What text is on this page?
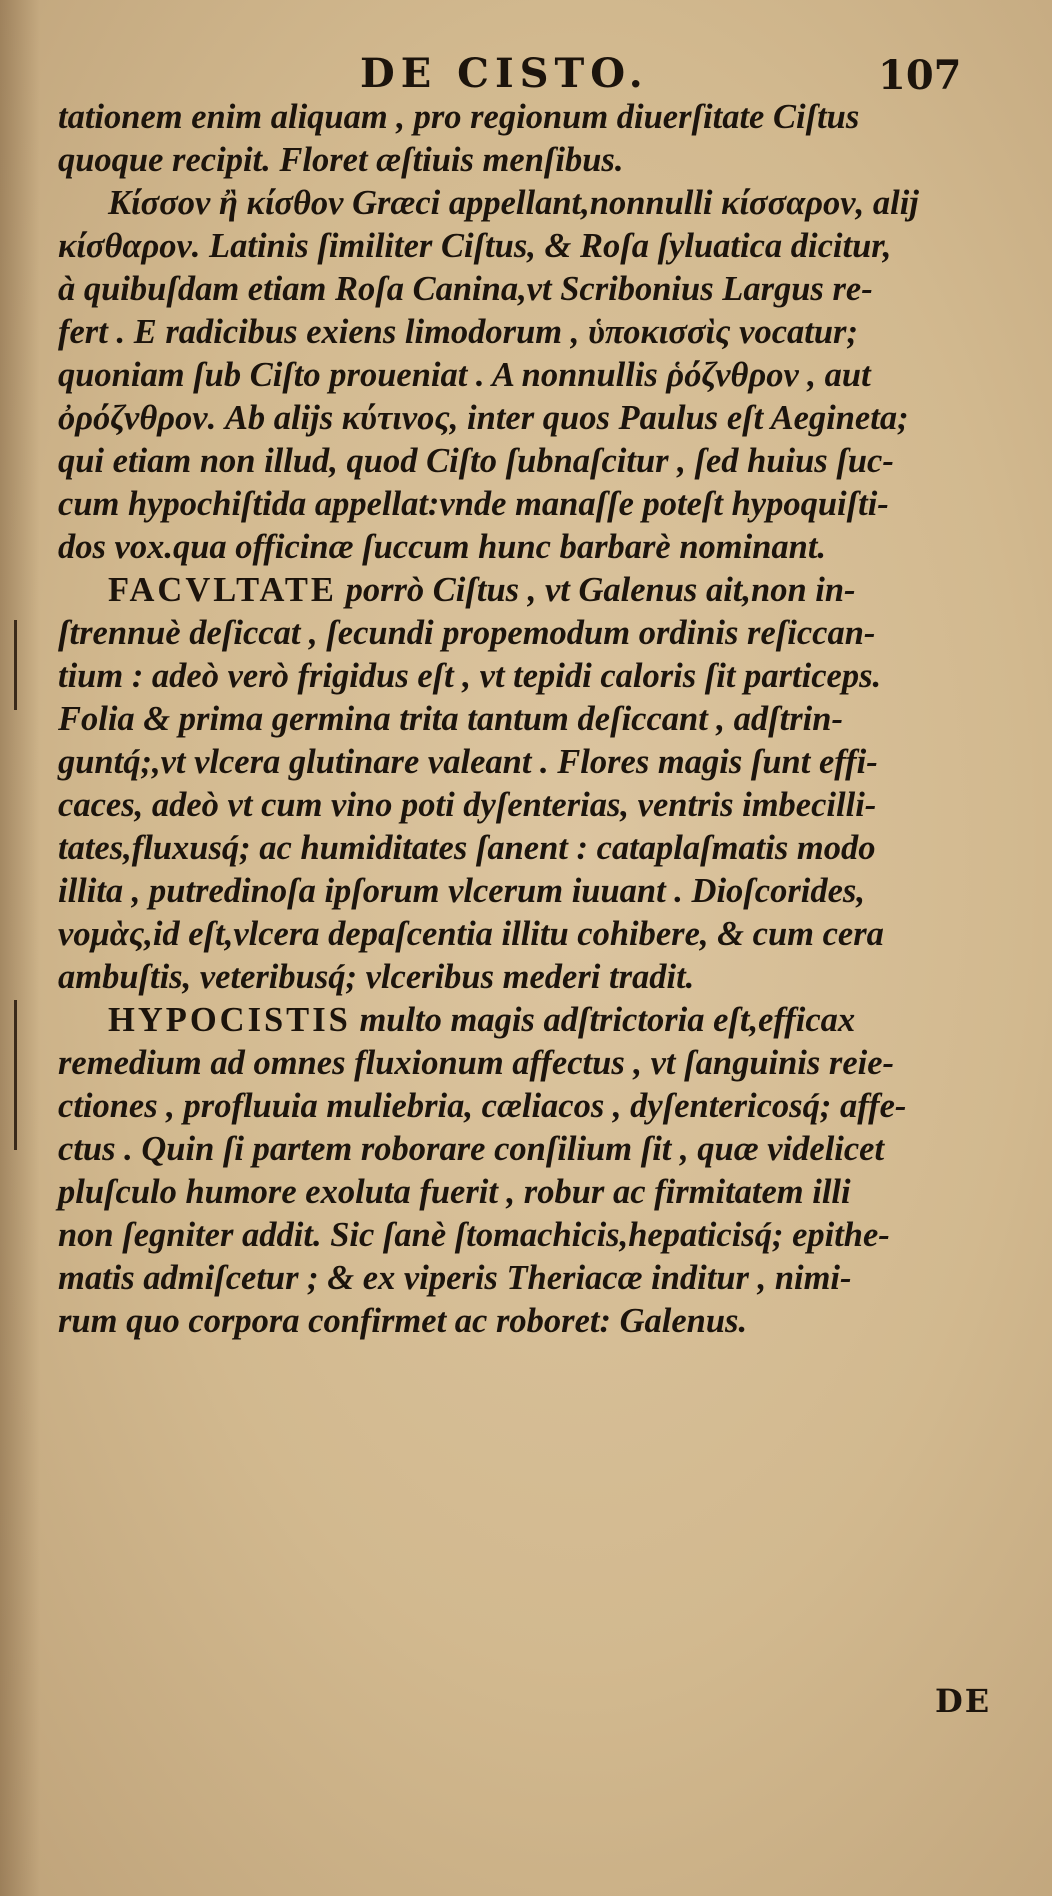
DE CISTO.	107
tationem enim aliquam , pro regionum diuerſitate Ciſtus
quoque recipit. Floret æſtiuis menſibus.
Κίσσον ἢ κίσθον Græci appellant,nonnulli κίσσαρον, alij
κίσθαρον. Latinis ſimiliter Ciſtus, & Roſa ſyluatica dicitur,
à quibuſdam etiam Roſa Canina,vt Scribonius Largus re-
fert . E radicibus exiens limodorum , ὑποκισσὶς vocatur;
quoniam ſub Ciſto proueniat . A nonnullis ῥόζνθρον , aut
ὀρόζνθρον. Ab alijs κύτινος, inter quos Paulus eſt Aegineta;
qui etiam non illud, quod Ciſto ſubnaſcitur , ſed huius ſuc-
cum hypochiſtida appellat:vnde manaſſe poteſt hypoquiſti-
dos vox.qua officinæ ſuccum hunc barbarè nominant.
FACVLTATE porrò Ciſtus , vt Galenus ait,non in-
ſtrennuè deſiccat , ſecundi propemodum ordinis reſiccan-
tium : adeò verò frigidus eſt , vt tepidi caloris ſit particeps.
Folia & prima germina trita tantum deſiccant , adſtrin-
guntq́;,vt vlcera glutinare valeant . Flores magis ſunt effi-
caces, adeò vt cum vino poti dyſenterias, ventris imbecilli-
tates,fluxusq́; ac humiditates ſanent : cataplaſmatis modo
illita , putredinoſa ipſorum vlcerum iuuant . Dioſcorides,
νομὰς,id eſt,vlcera depaſcentia illitu cohibere, & cum cera
ambuſtis, veteribusq́; vlceribus mederi tradit.
HYPOCISTIS multo magis adſtrictoria eſt,efficax
remedium ad omnes fluxionum affectus , vt ſanguinis reie-
ctiones , profluuia muliebria, cæliacos , dyſentericosq́; affe-
ctus . Quin ſi partem roborare conſilium ſit , quæ videlicet
pluſculo humore exoluta fuerit , robur ac firmitatem illi
non ſegniter addit. Sic ſanè ſtomachicis,hepaticisq́; epithe-
matis admiſcetur ; & ex viperis Theriacæ inditur , nimi-
rum quo corpora confirmet ac roboret: Galenus.
DE
